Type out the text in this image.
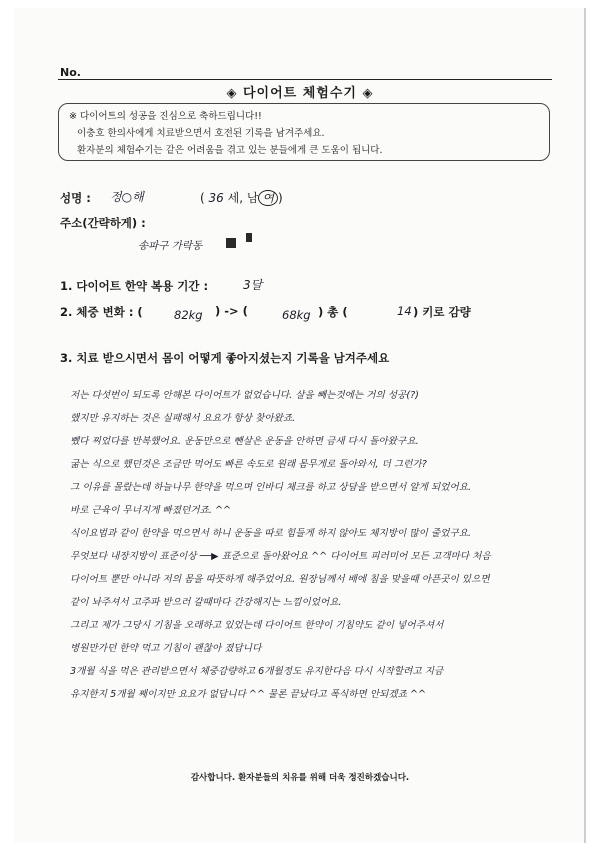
No.
◈ 다이어트 체험수기 ◈
※ 다이어트의 성공을 진심으로 축하드립니다!!
이충호 한의사에게 치료받으면서 호전된 기록을 남겨주세요.
환자분의 체험수기는 같은 어려움을 겪고 있는 분들에게 큰 도움이 됩니다.
성명 : 정○해	( 36 세, 남 여 )
주소(간략하게) :
송파구 가락동
1. 다이어트 한약 복용 기간 :	3달
2. 체중 변화 : (	82kg ) -> (	68kg ) 총 (	14 ) 키로 감량
3. 치료 받으시면서 몸이 어떻게 좋아지셨는지 기록을 남겨주세요
저는 다섯번이 되도록 안해본 다이어트가 없었습니다. 살을 빼는것에는 거의 성공(?)
했지만 유지하는 것은 실패해서 요요가 항상 찾아왔죠.
뺐다 찌었다를 반복했어요. 운동만으로 뺀살은 운동을 안하면 금새 다시 돌아왔구요.
굶는 식으로 했던것은 조금만 먹어도 빠른 속도로 원래 몸무게로 돌아와서, 더 그런가?
그 이유를 몰랐는데 하늘나무 한약을 먹으며 인바디 체크를 하고 상담을 받으면서 알게 되었어요.
바로 근육이 무너지게 빠졌던거죠. ^^
식이요법과 같이 한약을 먹으면서 하니 운동을 따로 힘들게 하지 않아도 체지방이 많이 줄었구요.
무엇보다 내장지방이 표준이상 ──▶ 표준으로 돌아왔어요 ^^ 다이어트 피러미어 모든 고객마다 처음
다이어트 뿐만 아니라 저의 몸을 따뜻하게 해주었어요. 원장님께서 배에 침을 맞을때 아픈곳이 있으면
같이 놔주셔서 고주파 받으러 갈때마다 간강해지는 느낌이었어요.
그리고 제가 그당시 기침을 오래하고 있었는데 다이어트 한약이 기침약도 같이 넣어주셔서
병원만가던 한약 먹고 기침이 괜찮아 졌답니다
3개월 식을 먹은 관리받으면서 체중감량하고 6개월정도 유지한다음 다시 시작할려고 지금
유지한지 5개월 째이지만 요요가 없답니다 ^^ 물론 끝났다고 폭식하면 안되겠죠 ^^
감사합니다. 환자분들의 치유를 위해 더욱 정진하겠습니다.
